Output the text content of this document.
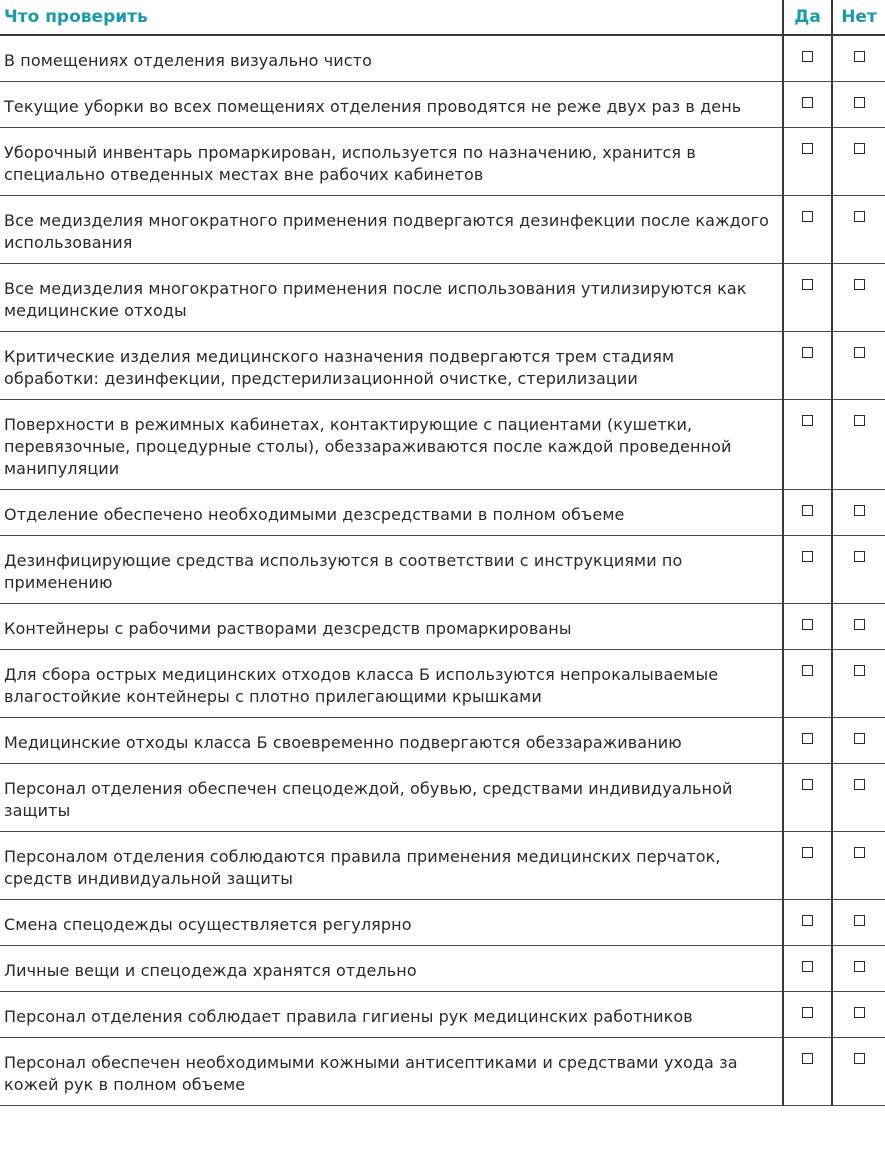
Что проверить	Да	Нет
В помещениях отделения визуально чисто		
Текущие уборки во всех помещениях отделения проводятся не реже двух раз в день		
Уборочный инвентарь промаркирован, используется по назначению, хранится в специально отведенных местах вне рабочих кабинетов		
Все медизделия многократного применения подвергаются дезинфекции после каждого использования		
Все медизделия многократного применения после использования утилизируются как медицинские отходы		
Критические изделия медицинского назначения подвергаются трем стадиям обработки: дезинфекции, предстерилизационной очистке, стерилизации		
Поверхности в режимных кабинетах, контактирующие с пациентами (кушетки, перевязочные, процедурные столы), обеззараживаются после каждой проведенной манипуляции		
Отделение обеспечено необходимыми дезсредствами в полном объеме		
Дезинфицирующие средства используются в соответствии с инструкциями по применению		
Контейнеры с рабочими растворами дезсредств промаркированы		
Для сбора острых медицинских отходов класса Б используются непрокалываемые влагостойкие контейнеры с плотно прилегающими крышками		
Медицинские отходы класса Б своевременно подвергаются обеззараживанию		
Персонал отделения обеспечен спецодеждой, обувью, средствами индивидуальной защиты		
Персоналом отделения соблюдаются правила применения медицинских перчаток, средств индивидуальной защиты		
Смена спецодежды осуществляется регулярно		
Личные вещи и спецодежда хранятся отдельно		
Персонал отделения соблюдает правила гигиены рук медицинских работников		
Персонал обеспечен необходимыми кожными антисептиками и средствами ухода за кожей рук в полном объеме		
